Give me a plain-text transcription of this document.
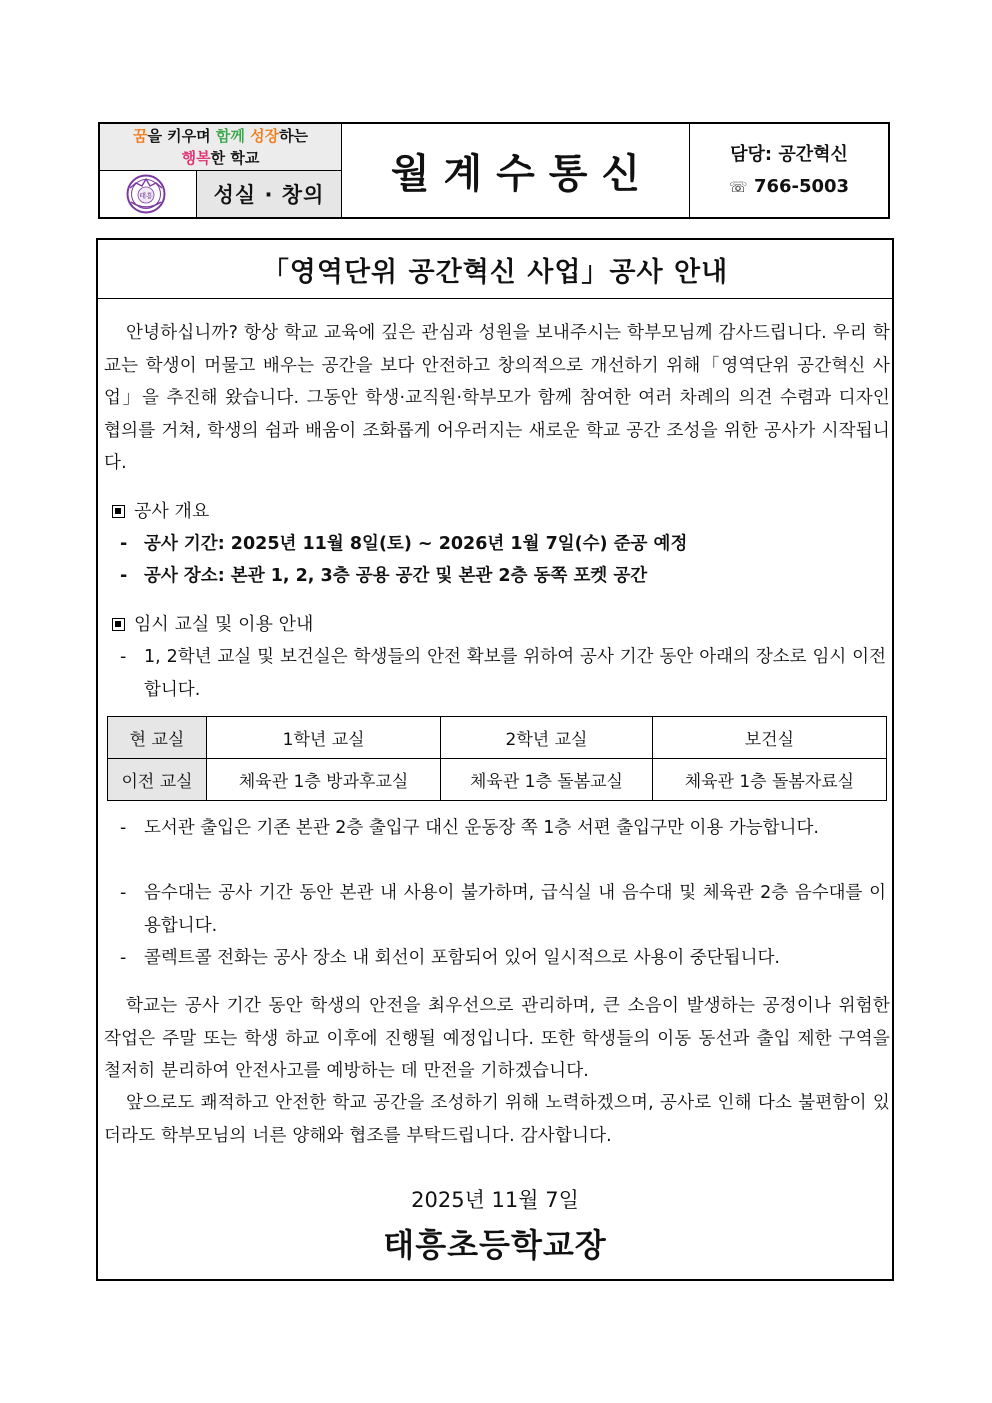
꿈을 키우며 함께 성장하는
행복한 학교
태흥	성실 · 창의	월계수통신	담당: 공간혁신
☏ 766-5003
「영역단위 공간혁신 사업」공사 안내

안녕하십니까? 항상 학교 교육에 깊은 관심과 성원을 보내주시는 학부모님께 감사드립니다. 우리 학교는 학생이 머물고 배우는 공간을 보다 안전하고 창의적으로 개선하기 위해「영역단위 공간혁신 사업」을 추진해 왔습니다. 그동안 학생·교직원·학부모가 함께 참여한 여러 차례의 의견 수렴과 디자인 협의를 거쳐, 학생의 쉼과 배움이 조화롭게 어우러지는 새로운 학교 공간 조성을 위한 공사가 시작됩니다.

공사 개요

- 공사 기간: 2025년 11월 8일(토) ~ 2026년 1월 7일(수) 준공 예정

- 공사 장소: 본관 1, 2, 3층 공용 공간 및 본관 2층 동쪽 포켓 공간

임시 교실 및 이용 안내

- 1, 2학년 교실 및 보건실은 학생들의 안전 확보를 위하여 공사 기간 동안 아래의 장소로 임시 이전합니다.

현 교실	1학년 교실	2학년 교실	보건실
이전 교실	체육관 1층 방과후교실	체육관 1층 돌봄교실	체육관 1층 돌봄자료실

- 도서관 출입은 기존 본관 2층 출입구 대신 운동장 쪽 1층 서편 출입구만 이용 가능합니다.

- 음수대는 공사 기간 동안 본관 내 사용이 불가하며, 급식실 내 음수대 및 체육관 2층 음수대를 이용합니다.

- 콜렉트콜 전화는 공사 장소 내 회선이 포함되어 있어 일시적으로 사용이 중단됩니다.

학교는 공사 기간 동안 학생의 안전을 최우선으로 관리하며, 큰 소음이 발생하는 공정이나 위험한 작업은 주말 또는 학생 하교 이후에 진행될 예정입니다. 또한 학생들의 이동 동선과 출입 제한 구역을 철저히 분리하여 안전사고를 예방하는 데 만전을 기하겠습니다.

앞으로도 쾌적하고 안전한 학교 공간을 조성하기 위해 노력하겠으며, 공사로 인해 다소 불편함이 있더라도 학부모님의 너른 양해와 협조를 부탁드립니다. 감사합니다.

2025년 11월 7일
태흥초등학교장
